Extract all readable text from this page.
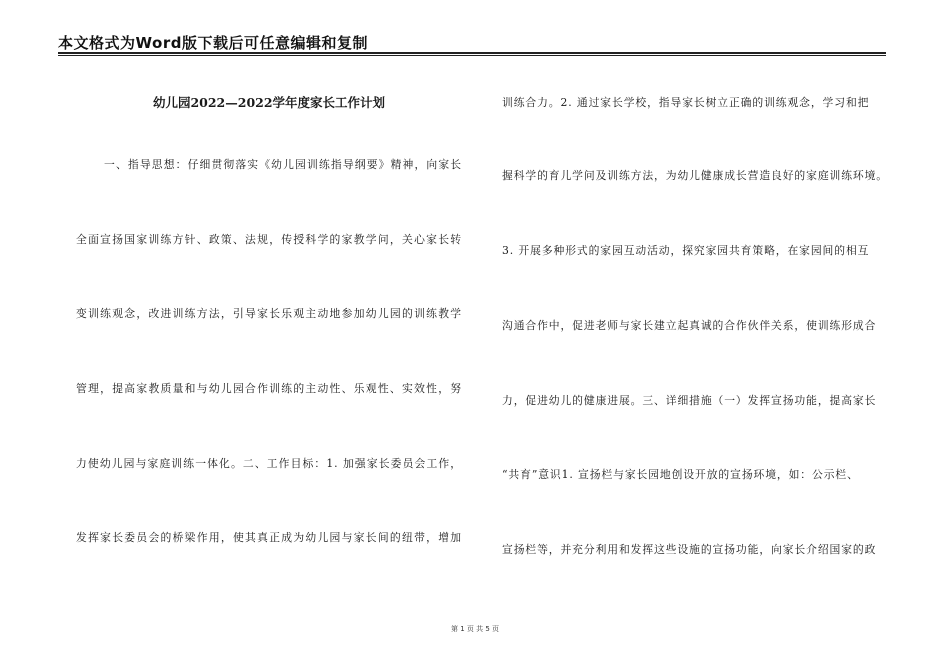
本文格式为Word版下载后可任意编辑和复制
幼儿园2022—2022学年度家长工作计划
一、指导思想：仔细贯彻落实《幼儿园训练指导纲要》精神，向家长
全面宣扬国家训练方针、政策、法规，传授科学的家教学问，关心家长转
变训练观念，改进训练方法，引导家长乐观主动地参加幼儿园的训练教学
管理，提高家教质量和与幼儿园合作训练的主动性、乐观性、实效性，努
力使幼儿园与家庭训练一体化。二、工作目标：1. 加强家长委员会工作，
发挥家长委员会的桥梁作用，使其真正成为幼儿园与家长间的纽带，增加
训练合力。2. 通过家长学校，指导家长树立正确的训练观念，学习和把
握科学的育儿学问及训练方法，为幼儿健康成长营造良好的家庭训练环境。
3. 开展多种形式的家园互动活动，探究家园共育策略，在家园间的相互
沟通合作中，促进老师与家长建立起真诚的合作伙伴关系，使训练形成合
力，促进幼儿的健康进展。三、详细措施（一）发挥宣扬功能，提高家长
“共育”意识1. 宣扬栏与家长园地创设开放的宣扬环境，如：公示栏、
宣扬栏等，并充分利用和发挥这些设施的宣扬功能，向家长介绍国家的政
第 1 页 共 5 页
